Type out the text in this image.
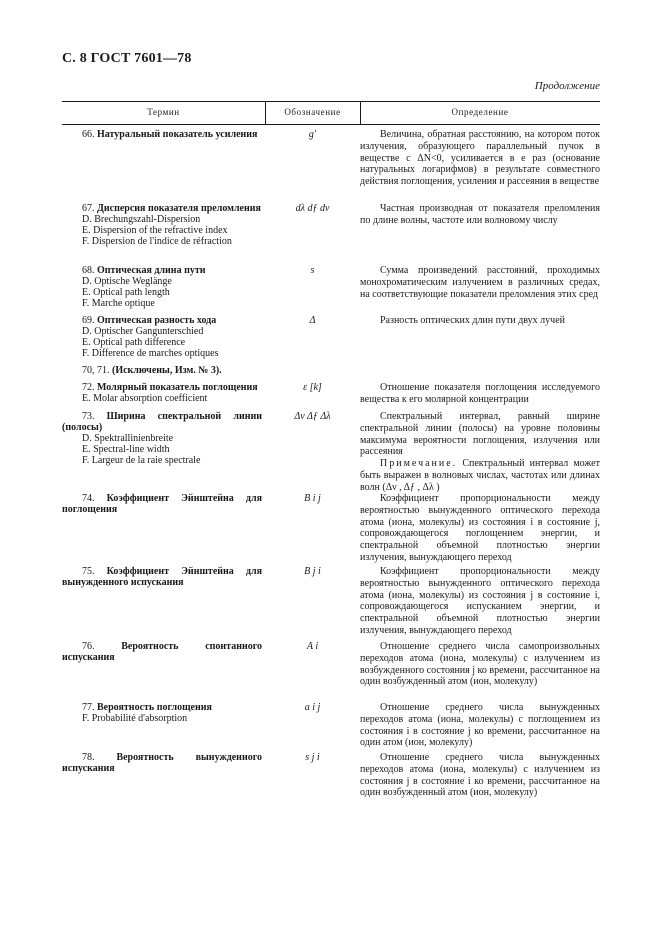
С. 8 ГОСТ 7601—78
Продолжение
Термин	Обозначение	Определение
66. Натуральный показатель усиления	g′	Величина, обратная расстоянию, на котором поток излучения, образующего параллельный пучок в веществе с ΔN<0, усиливается в e раз (основание натуральных логарифмов) в результате совместного действия поглощения, усиления и рассеяния в веществе
67. Дисперсия показателя преломления
D. Brechungszahl-Dispersion
E. Dispersion of the refractive index
F. Dispersion de l'indice de réfraction
dλ dƒ dν	Частная производная от показателя преломления по длине волны, частоте или волновому числу
68. Оптическая длина пути
D. Optische Weglänge
E. Optical path length
F. Marche optique
s	Сумма произведений расстояний, проходимых монохроматическим излучением в различных средах, на соответствующие показатели преломления этих сред
69. Оптическая разность хода
D. Optischer Gangunterschied
E. Optical path difference
F. Difference de marches optiques
Δ	Разность оптических длин пути двух лучей
70, 71. (Исключены, Изм. № 3).
72. Молярный показатель поглощения
E. Molar absorption coefficient
ε [k]	Отношение показателя поглощения исследуемого вещества к его молярной концентрации
73. Ширина спектральной линии (полосы)
D. Spektrallinienbreite
E. Spectral-line width
F. Largeur de la raie spectrale
Δν Δƒ Δλ	Спектральный интервал, равный ширине спектральной линии (полосы) на уровне половины максимума вероятности поглощения, излучения или рассеяния
Примечание. Спектральный интервал может быть выражен в волновых числах, частотах или длинах волн (Δν , Δƒ , Δλ )
74. Коэффициент Эйнштейна для поглощения
B i j	Коэффициент пропорциональности между вероятностью вынужденного оптического перехода атома (иона, молекулы) из состояния i в состояние j, сопровождающегося поглощением энергии, и спектральной объемной плотностью энергии излучения, вынуждающего переход
75. Коэффициент Эйнштейна для вынужденного испускания
B j i	Коэффициент пропорциональности между вероятностью вынужденного оптического перехода атома (иона, молекулы) из состояния j в состояние i, сопровождающегося испусканием энергии, и спектральной объемной плотностью энергии излучения, вынуждающего переход
76.	Вероятность спонтанного испускания
A i	Отношение среднего числа самопроизвольных переходов атома (иона, молекулы) с излучением из возбужденного состояния j ко времени, рассчитанное на один возбужденный атом (ион, молекулу)
77. Вероятность поглощения
F. Probabilité d'absorption
a i j	Отношение среднего числа вынужденных переходов атома (иона, молекулы) с поглощением из состояния i в состояние j ко времени, рассчитанное на один атом (ион, молекулу)
78. Вероятность вынужденного испускания
s j i	Отношение среднего числа вынужденных переходов атома (иона, молекулы) с излучением из состояния j в состояние i ко времени, рассчитанное на один возбужденный атом (ион, молекулу)
